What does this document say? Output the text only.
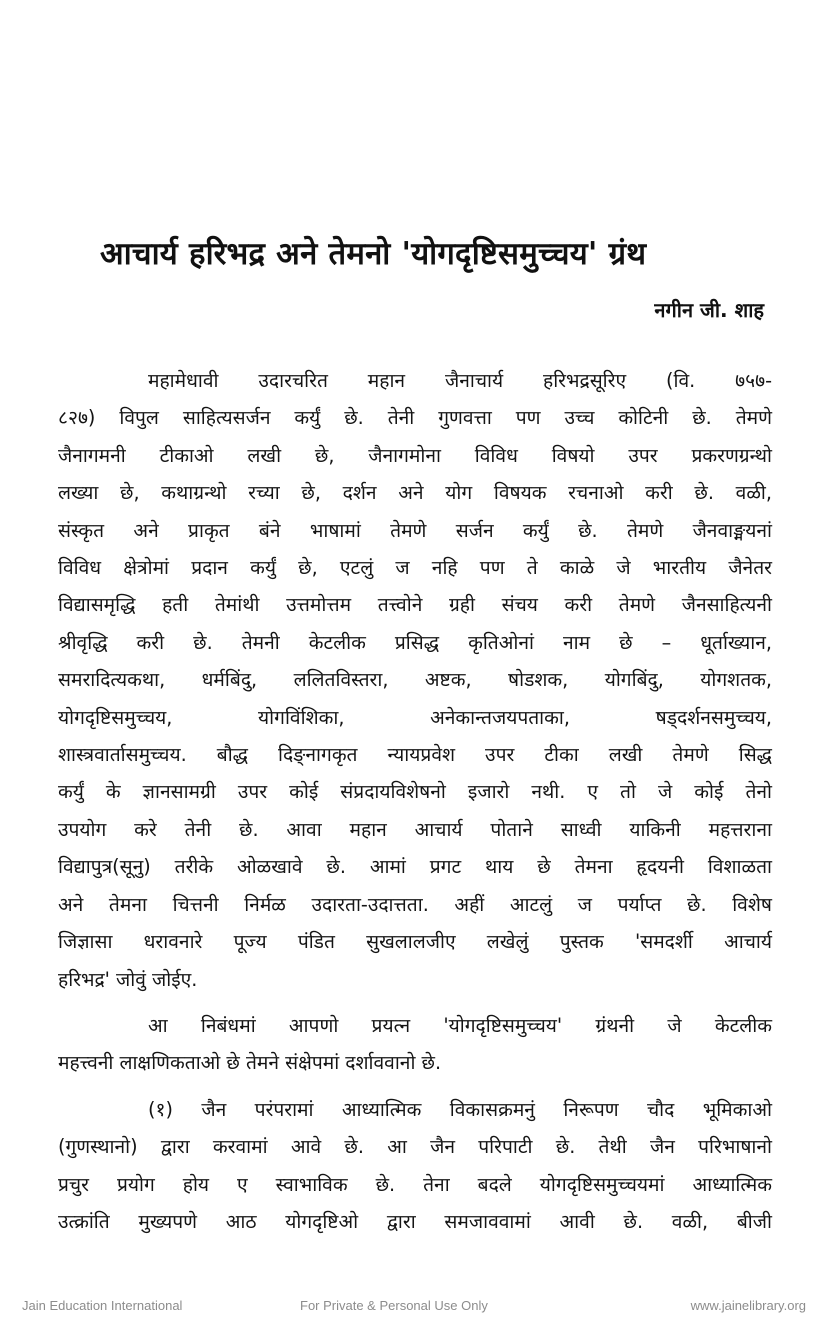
आचार्य हरिभद्र अने तेमनो 'योगदृष्टिसमुच्चय' ग्रंथ
नगीन जी. शाह
महामेधावी उदारचरित महान जैनाचार्य हरिभद्रसूरिए (वि. ७५७-
८२७) विपुल साहित्यसर्जन कर्युं छे. तेनी गुणवत्ता पण उच्च कोटिनी छे. तेमणे
जैनागमनी टीकाओ लखी छे, जैनागमोना विविध विषयो उपर प्रकरणग्रन्थो
लख्या छे, कथाग्रन्थो रच्या छे, दर्शन अने योग विषयक रचनाओ करी छे. वळी,
संस्कृत अने प्राकृत बंने भाषामां तेमणे सर्जन कर्युं छे. तेमणे जैनवाङ्मयनां
विविध क्षेत्रोमां प्रदान कर्युं छे, एटलुं ज नहि पण ते काळे जे भारतीय जैनेतर
विद्यासमृद्धि हती तेमांथी उत्तमोत्तम तत्त्वोने ग्रही संचय करी तेमणे जैनसाहित्यनी
श्रीवृद्धि करी छे. तेमनी केटलीक प्रसिद्ध कृतिओनां नाम छे – धूर्ताख्यान,
समरादित्यकथा, धर्मबिंदु, ललितविस्तरा, अष्टक, षोडशक, योगबिंदु, योगशतक,
योगदृष्टिसमुच्चय, योगविंशिका, अनेकान्तजयपताका, षड्दर्शनसमुच्चय,
शास्त्रवार्तासमुच्चय. बौद्ध दिङ्नागकृत न्यायप्रवेश उपर टीका लखी तेमणे सिद्ध
कर्युं के ज्ञानसामग्री उपर कोई संप्रदायविशेषनो इजारो नथी. ए तो जे कोई तेनो
उपयोग करे तेनी छे. आवा महान आचार्य पोताने साध्वी याकिनी महत्तराना
विद्यापुत्र(सूनु) तरीके ओळखावे छे. आमां प्रगट थाय छे तेमना हृदयनी विशाळता
अने तेमना चित्तनी निर्मळ उदारता-उदात्तता. अहीं आटलुं ज पर्याप्त छे. विशेष
जिज्ञासा धरावनारे पूज्य पंडित सुखलालजीए लखेलुं पुस्तक 'समदर्शी आचार्य
हरिभद्र' जोवुं जोईए.
आ निबंधमां आपणो प्रयत्न 'योगदृष्टिसमुच्चय' ग्रंथनी जे केटलीक
महत्त्वनी लाक्षणिकताओ छे तेमने संक्षेपमां दर्शाववानो छे.
(१) जैन परंपरामां आध्यात्मिक विकासक्रमनुं निरूपण चौद भूमिकाओ
(गुणस्थानो) द्वारा करवामां आवे छे. आ जैन परिपाटी छे. तेथी जैन परिभाषानो
प्रचुर प्रयोग होय ए स्वाभाविक छे. तेना बदले योगदृष्टिसमुच्चयमां आध्यात्मिक
उत्क्रांति मुख्यपणे आठ योगदृष्टिओ द्वारा समजाववामां आवी छे. वळी, बीजी
Jain Education International	For Private & Personal Use Only	www.jainelibrary.org
